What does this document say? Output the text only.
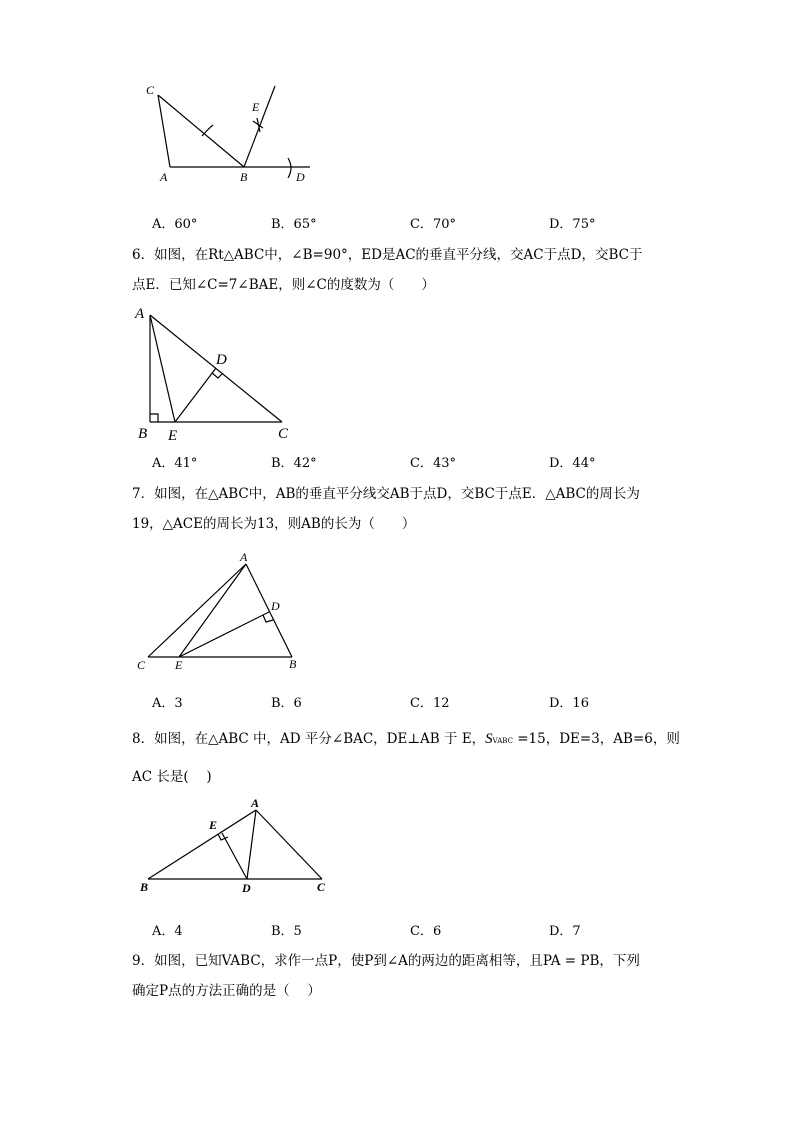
C
E
A	B	D
A．60°	B．65°	C．70°	D．75°

6．如图，在Rt△ABC中，∠B=90°，ED是AC的垂直平分线，交AC于点D，交BC于

点E．已知∠C=7∠BAE，则∠C的度数为（　　）

A
D
B E	C
A．41°	B．42°	C．43°	D．44°

7．如图，在△ABC中，AB的垂直平分线交AB于点D，交BC于点E．△ABC的周长为

19，△ACE的周长为13，则AB的长为（　　）

A
D
C E	B
A．3	B．6	C．12	D．16

8．如图，在△ABC 中，AD 平分∠BAC，DE⊥AB 于 E，SVABC =15，DE=3，AB=6，则

AC 长是(　 )

A
E
B	D	C
A．4	B．5	C．6	D．7

9．如图，已知VABC，求作一点P，使P到∠A的两边的距离相等，且PA = PB，下列

确定P点的方法正确的是（　 ）
